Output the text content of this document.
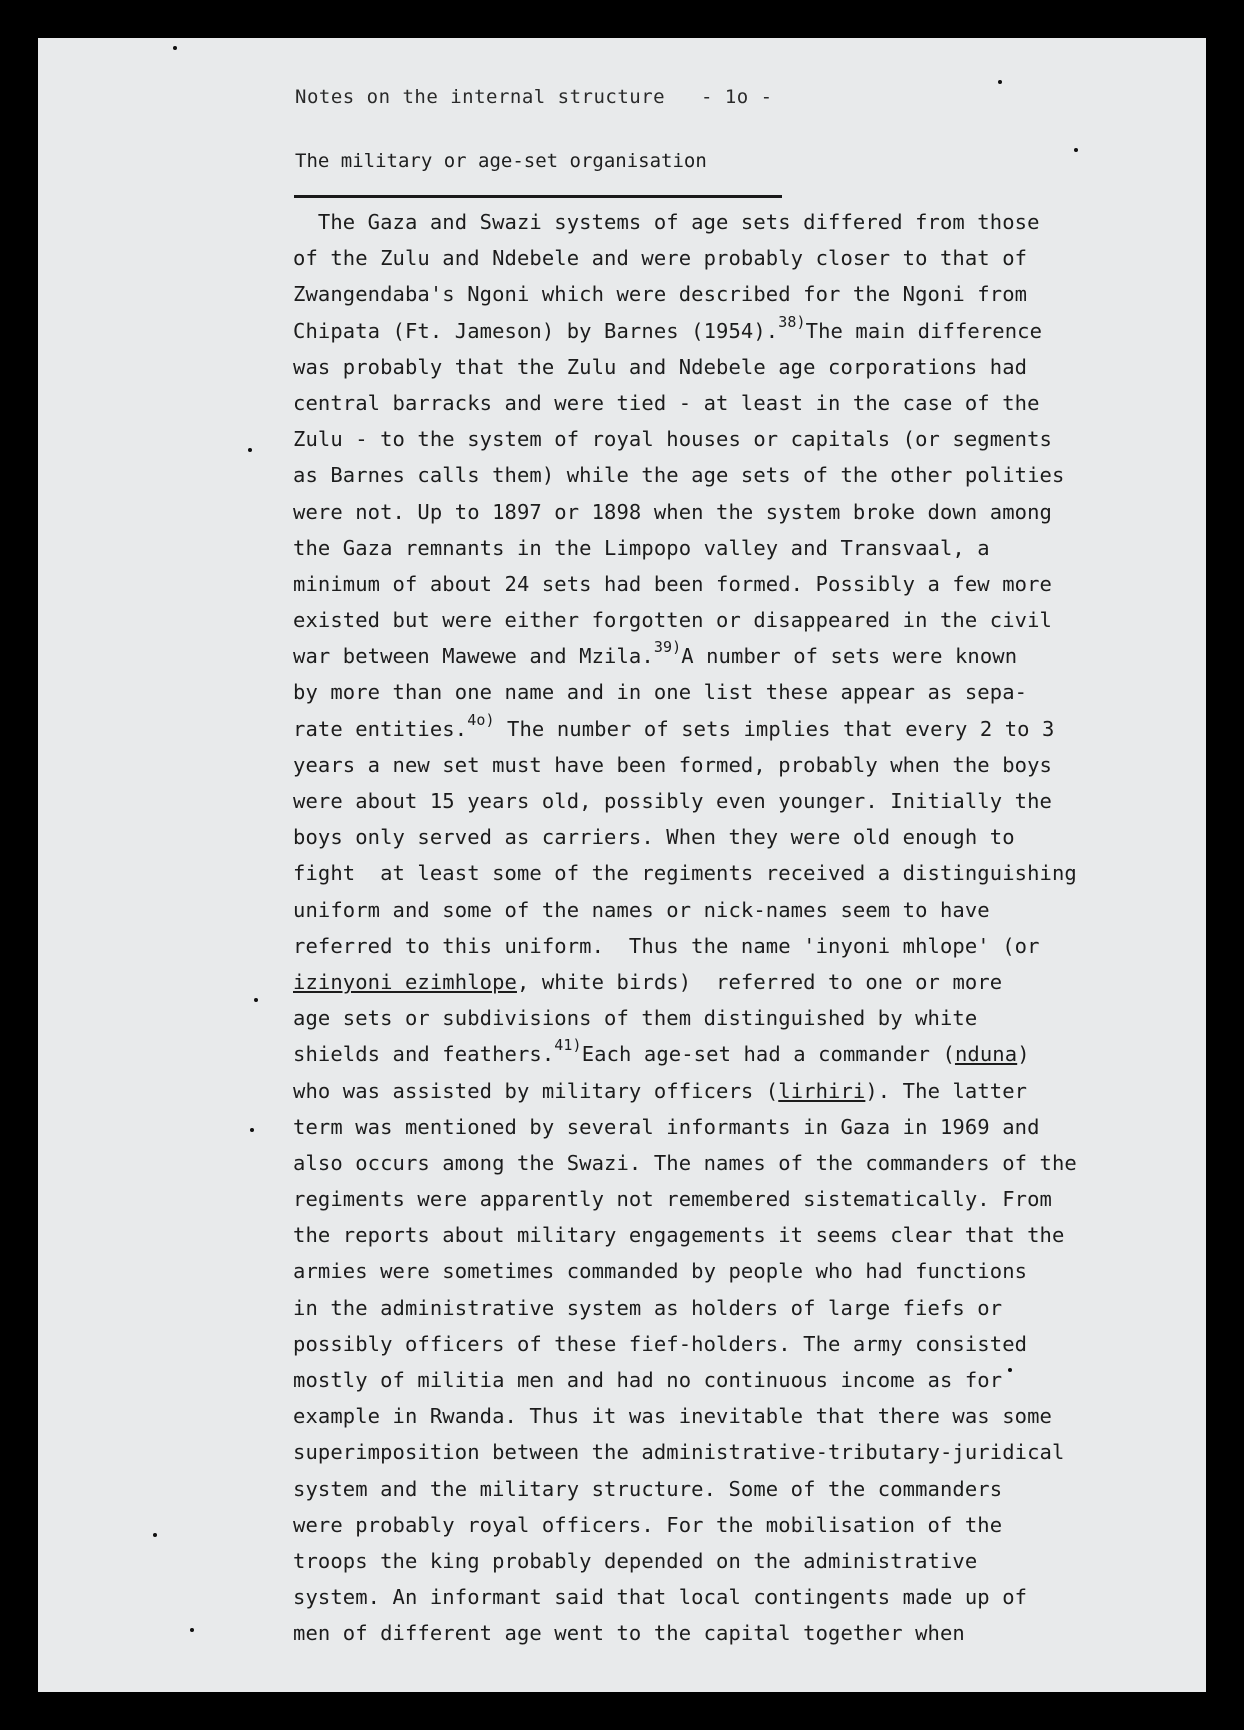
Notes on the internal structure - 1o -
The military or age-set organisation
The Gaza and Swazi systems of age sets differed from those
of the Zulu and Ndebele and were probably closer to that of
Zwangendaba's Ngoni which were described for the Ngoni from
Chipata (Ft. Jameson) by Barnes (1954).$^{38)}$The main difference
was probably that the Zulu and Ndebele age corporations had
central barracks and were tied - at least in the case of the
Zulu - to the system of royal houses or capitals (or segments
as Barnes calls them) while the age sets of the other polities
were not. Up to 1897 or 1898 when the system broke down among
the Gaza remnants in the Limpopo valley and Transvaal, a
minimum of about 24 sets had been formed. Possibly a few more
existed but were either forgotten or disappeared in the civil
war between Mawewe and Mzila.$^{39)}$A number of sets were known
by more than one name and in one list these appear as sepa-
rate entities.$^{4o)}$ The number of sets implies that every 2 to 3
years a new set must have been formed, probably when the boys
were about 15 years old, possibly even younger. Initially the
boys only served as carriers. When they were old enough to
fight  at least some of the regiments received a distinguishing
uniform and some of the names or nick-names seem to have
referred to this uniform.  Thus the name 'inyoni mhlope' (or
izinyoni ezimhlope, white birds)  referred to one or more
age sets or subdivisions of them distinguished by white
shields and feathers.$^{41)}$Each age-set had a commander (nduna)
who was assisted by military officers (lirhiri). The latter
term was mentioned by several informants in Gaza in 1969 and
also occurs among the Swazi. The names of the commanders of the
regiments were apparently not remembered sistematically. From
the reports about military engagements it seems clear that the
armies were sometimes commanded by people who had functions
in the administrative system as holders of large fiefs or
possibly officers of these fief-holders. The army consisted
mostly of militia men and had no continuous income as for
example in Rwanda. Thus it was inevitable that there was some
superimposition between the administrative-tributary-juridical
system and the military structure. Some of the commanders
were probably royal officers. For the mobilisation of the
troops the king probably depended on the administrative
system. An informant said that local contingents made up of
men of different age went to the capital together when
